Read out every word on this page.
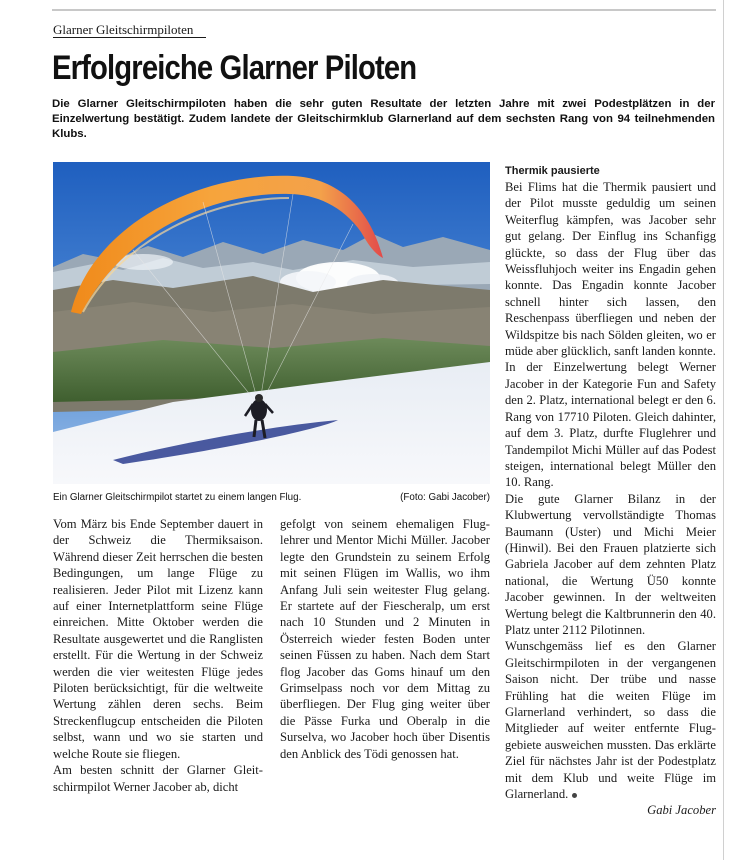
Glarner Gleitschirmpiloten
Erfolgreiche Glarner Piloten

Die Glarner Gleitschirmpiloten haben die sehr guten Resultate der letzten Jahre mit zwei Podestplätzen in der Einzelwertung bestätigt. Zudem landete der Gleitschirmklub Glarnerland auf dem sechsten Rang von 94 teilnehmenden Klubs.

Ein Glarner Gleitschirmpilot startet zu einem langen Flug.	(Foto: Gabi Jacober)

Vom März bis Ende September dauert in der Schweiz die Thermiksaison. Während dieser Zeit herrschen die besten Bedingungen, um lange Flüge zu realisieren. Jeder Pilot mit Lizenz kann auf einer Internetplattform seine Flüge einreichen. Mitte Oktober werden die Resultate ausgewertet und die Ranglisten erstellt. Für die Wertung in der Schweiz werden die vier weitesten Flüge jedes Piloten berücksichtigt, für die weltweite Wertung zählen deren sechs. Beim Streckenflugcup entscheiden die Piloten selbst, wann und wo sie starten und welche Route sie fliegen.

Am besten schnitt der Glarner Gleitschirmpilot Werner Jacober ab, dicht

gefolgt von seinem ehemaligen Fluglehrer und Mentor Michi Müller. Jacober legte den Grundstein zu seinem Erfolg mit seinen Flügen im Wallis, wo ihm Anfang Juli sein weitester Flug gelang. Er startete auf der Fiescheralp, um erst nach 10 Stunden und 2 Minuten in Österreich wieder festen Boden unter seinen Füssen zu haben. Nach dem Start flog Jacober das Goms hinauf um den Grimselpass noch vor dem Mittag zu überfliegen. Der Flug ging weiter über die Pässe Furka und Oberalp in die Surselva, wo Jacober hoch über Disentis den Anblick des Tödi genossen hat.

Thermik pausierte

Bei Flims hat die Thermik pausiert und der Pilot musste geduldig um seinen Weiterflug kämpfen, was Jacober sehr gut gelang. Der Einflug ins Schanfigg glückte, so dass der Flug über das Weissfluhjoch weiter ins Engadin gehen konnte. Das Engadin konnte Jacober schnell hinter sich lassen, den Reschenpass überfliegen und neben der Wildspitze bis nach Sölden gleiten, wo er müde aber glücklich, sanft landen konnte.

In der Einzelwertung belegt Werner Jacober in der Kategorie Fun and Safety den 2. Platz, international belegt er den 6. Rang von 17710 Piloten. Gleich dahinter, auf dem 3. Platz, durfte Fluglehrer und Tandempilot Michi Müller auf das Podest steigen, international belegt Müller den 10. Rang.

Die gute Glarner Bilanz in der Klubwertung vervollständigte Thomas Baumann (Uster) und Michi Meier (Hinwil). Bei den Frauen platzierte sich Gabriela Jacober auf dem zehnten Platz national, die Wertung Ü50 konnte Jacober gewinnen. In der weltweiten Wertung belegt die Kaltbrunnerin den 40. Platz unter 2112 Pilotinnen.

Wunschgemäss lief es den Glarner Gleitschirmpiloten in der vergangenen Saison nicht. Der trübe und nasse Frühling hat die weiten Flüge im Glarnerland verhindert, so dass die Mitglieder auf weiter entfernte Fluggebiete ausweichen mussten. Das erklärte Ziel für nächstes Jahr ist der Podestplatz mit dem Klub und weite Flüge im Glarnerland.

Gabi Jacober
